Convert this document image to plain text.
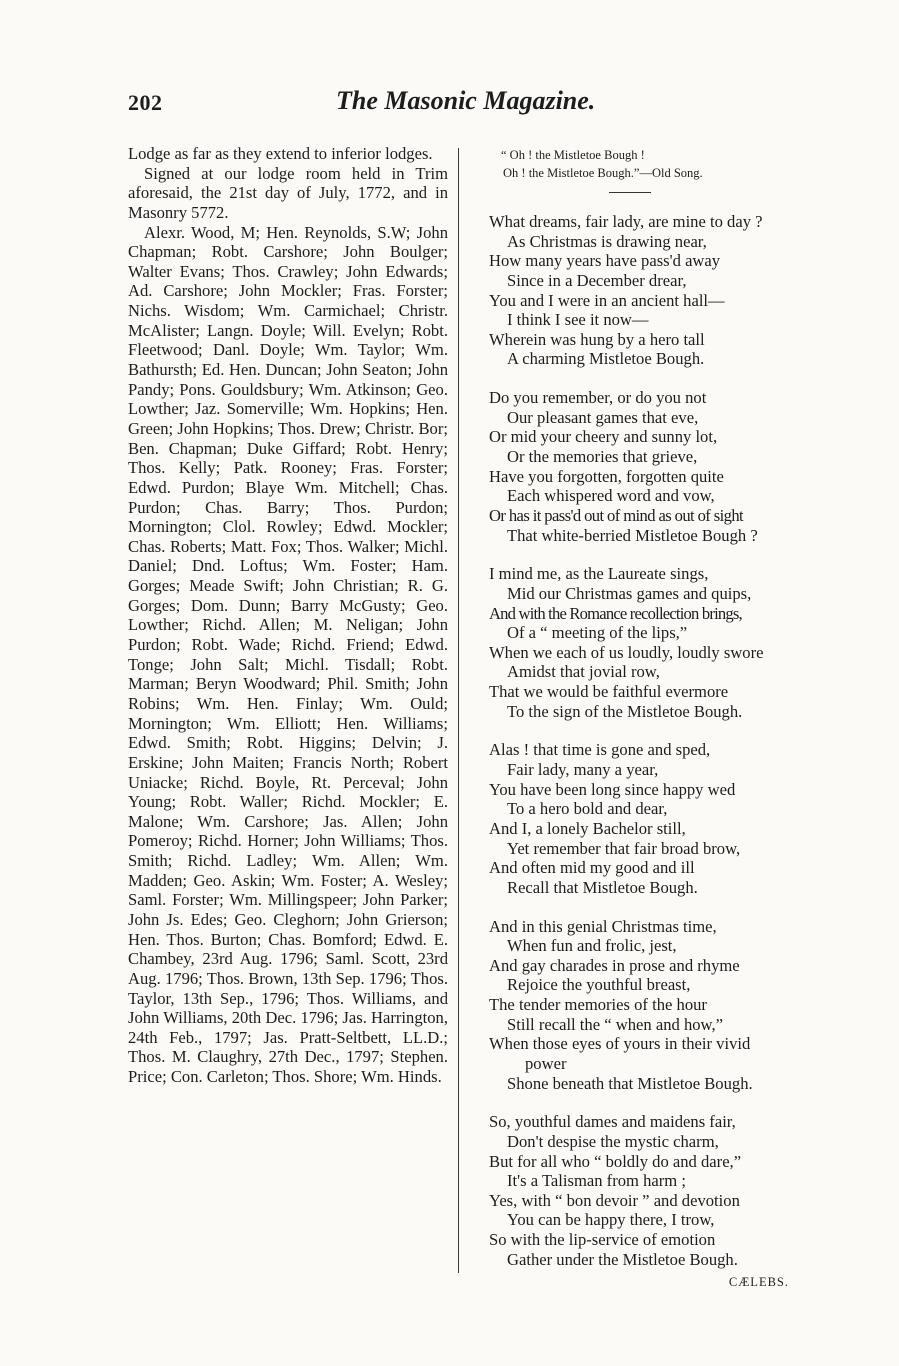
202	The Masonic Magazine.

Lodge as far as they extend to inferior lodges.

Signed at our lodge room held in Trim aforesaid, the 21st day of July, 1772, and in Masonry 5772.

Alexr. Wood, M; Hen. Reynolds, S.W; John Chapman; Robt. Carshore; John Boulger; Walter Evans; Thos. Crawley; John Edwards; Ad. Carshore; John Mockler; Fras. Forster; Nichs. Wisdom; Wm. Carmichael; Christr. McAlister; Langn. Doyle; Will. Evelyn; Robt. Fleetwood; Danl. Doyle; Wm. Taylor; Wm. Bathursth; Ed. Hen. Duncan; John Seaton; John Pandy; Pons. Gouldsbury; Wm. Atkinson; Geo. Lowther; Jaz. Somerville; Wm. Hopkins; Hen. Green; John Hopkins; Thos. Drew; Christr. Bor; Ben. Chapman; Duke Giffard; Robt. Henry; Thos. Kelly; Patk. Rooney; Fras. Forster; Edwd. Purdon; Blaye Wm. Mitchell; Chas. Purdon; Chas. Barry; Thos. Purdon; Mornington; Clol. Rowley; Edwd. Mockler; Chas. Roberts; Matt. Fox; Thos. Walker; Michl. Daniel; Dnd. Loftus; Wm. Foster; Ham. Gorges; Meade Swift; John Christian; R. G. Gorges; Dom. Dunn; Barry McGusty; Geo. Lowther; Richd. Allen; M. Neligan; John Purdon; Robt. Wade; Richd. Friend; Edwd. Tonge; John Salt; Michl. Tisdall; Robt. Marman; Beryn Woodward; Phil. Smith; John Robins; Wm. Hen. Finlay; Wm. Ould; Mornington; Wm. Elliott; Hen. Williams; Edwd. Smith; Robt. Higgins; Delvin; J. Erskine; John Maiten; Francis North; Robert Uniacke; Richd. Boyle, Rt. Perceval; John Young; Robt. Waller; Richd. Mockler; E. Malone; Wm. Carshore; Jas. Allen; John Pomeroy; Richd. Horner; John Williams; Thos. Smith; Richd. Ladley; Wm. Allen; Wm. Madden; Geo. Askin; Wm. Foster; A. Wesley; Saml. Forster; Wm. Millingspeer; John Parker; John Js. Edes; Geo. Cleghorn; John Grierson; Hen. Thos. Burton; Chas. Bomford; Edwd. E. Chambey, 23rd Aug. 1796; Saml. Scott, 23rd Aug. 1796; Thos. Brown, 13th Sep. 1796; Thos. Taylor, 13th Sep., 1796; Thos. Williams, and John Williams, 20th Dec. 1796; Jas. Harrington, 24th Feb., 1797; Jas. Pratt-Seltbett, LL.D.; Thos. M. Claughry, 27th Dec., 1797; Stephen. Price; Con. Carleton; Thos. Shore; Wm. Hinds.

“ Oh ! the Mistletoe Bough !
Oh ! the Mistletoe Bough.”—Old Song.
What dreams, fair lady, are mine to day ?
As Christmas is drawing near,
How many years have pass'd away
Since in a December drear,
You and I were in an ancient hall—
I think I see it now—
Wherein was hung by a hero tall
A charming Mistletoe Bough.
Do you remember, or do you not
Our pleasant games that eve,
Or mid your cheery and sunny lot,
Or the memories that grieve,
Have you forgotten, forgotten quite
Each whispered word and vow,
Or has it pass'd out of mind as out of sight
That white-berried Mistletoe Bough ?
I mind me, as the Laureate sings,
Mid our Christmas games and quips,
And with the Romance recollection brings,
Of a “ meeting of the lips,”
When we each of us loudly, loudly swore
Amidst that jovial row,
That we would be faithful evermore
To the sign of the Mistletoe Bough.
Alas ! that time is gone and sped,
Fair lady, many a year,
You have been long since happy wed
To a hero bold and dear,
And I, a lonely Bachelor still,
Yet remember that fair broad brow,
And often mid my good and ill
Recall that Mistletoe Bough.
And in this genial Christmas time,
When fun and frolic, jest,
And gay charades in prose and rhyme
Rejoice the youthful breast,
The tender memories of the hour
Still recall the “ when and how,”
When those eyes of yours in their vivid
power
Shone beneath that Mistletoe Bough.
So, youthful dames and maidens fair,
Don't despise the mystic charm,
But for all who “ boldly do and dare,”
It's a Talisman from harm ;
Yes, with “ bon devoir ” and devotion
You can be happy there, I trow,
So with the lip-service of emotion
Gather under the Mistletoe Bough.
CÆLEBS.
